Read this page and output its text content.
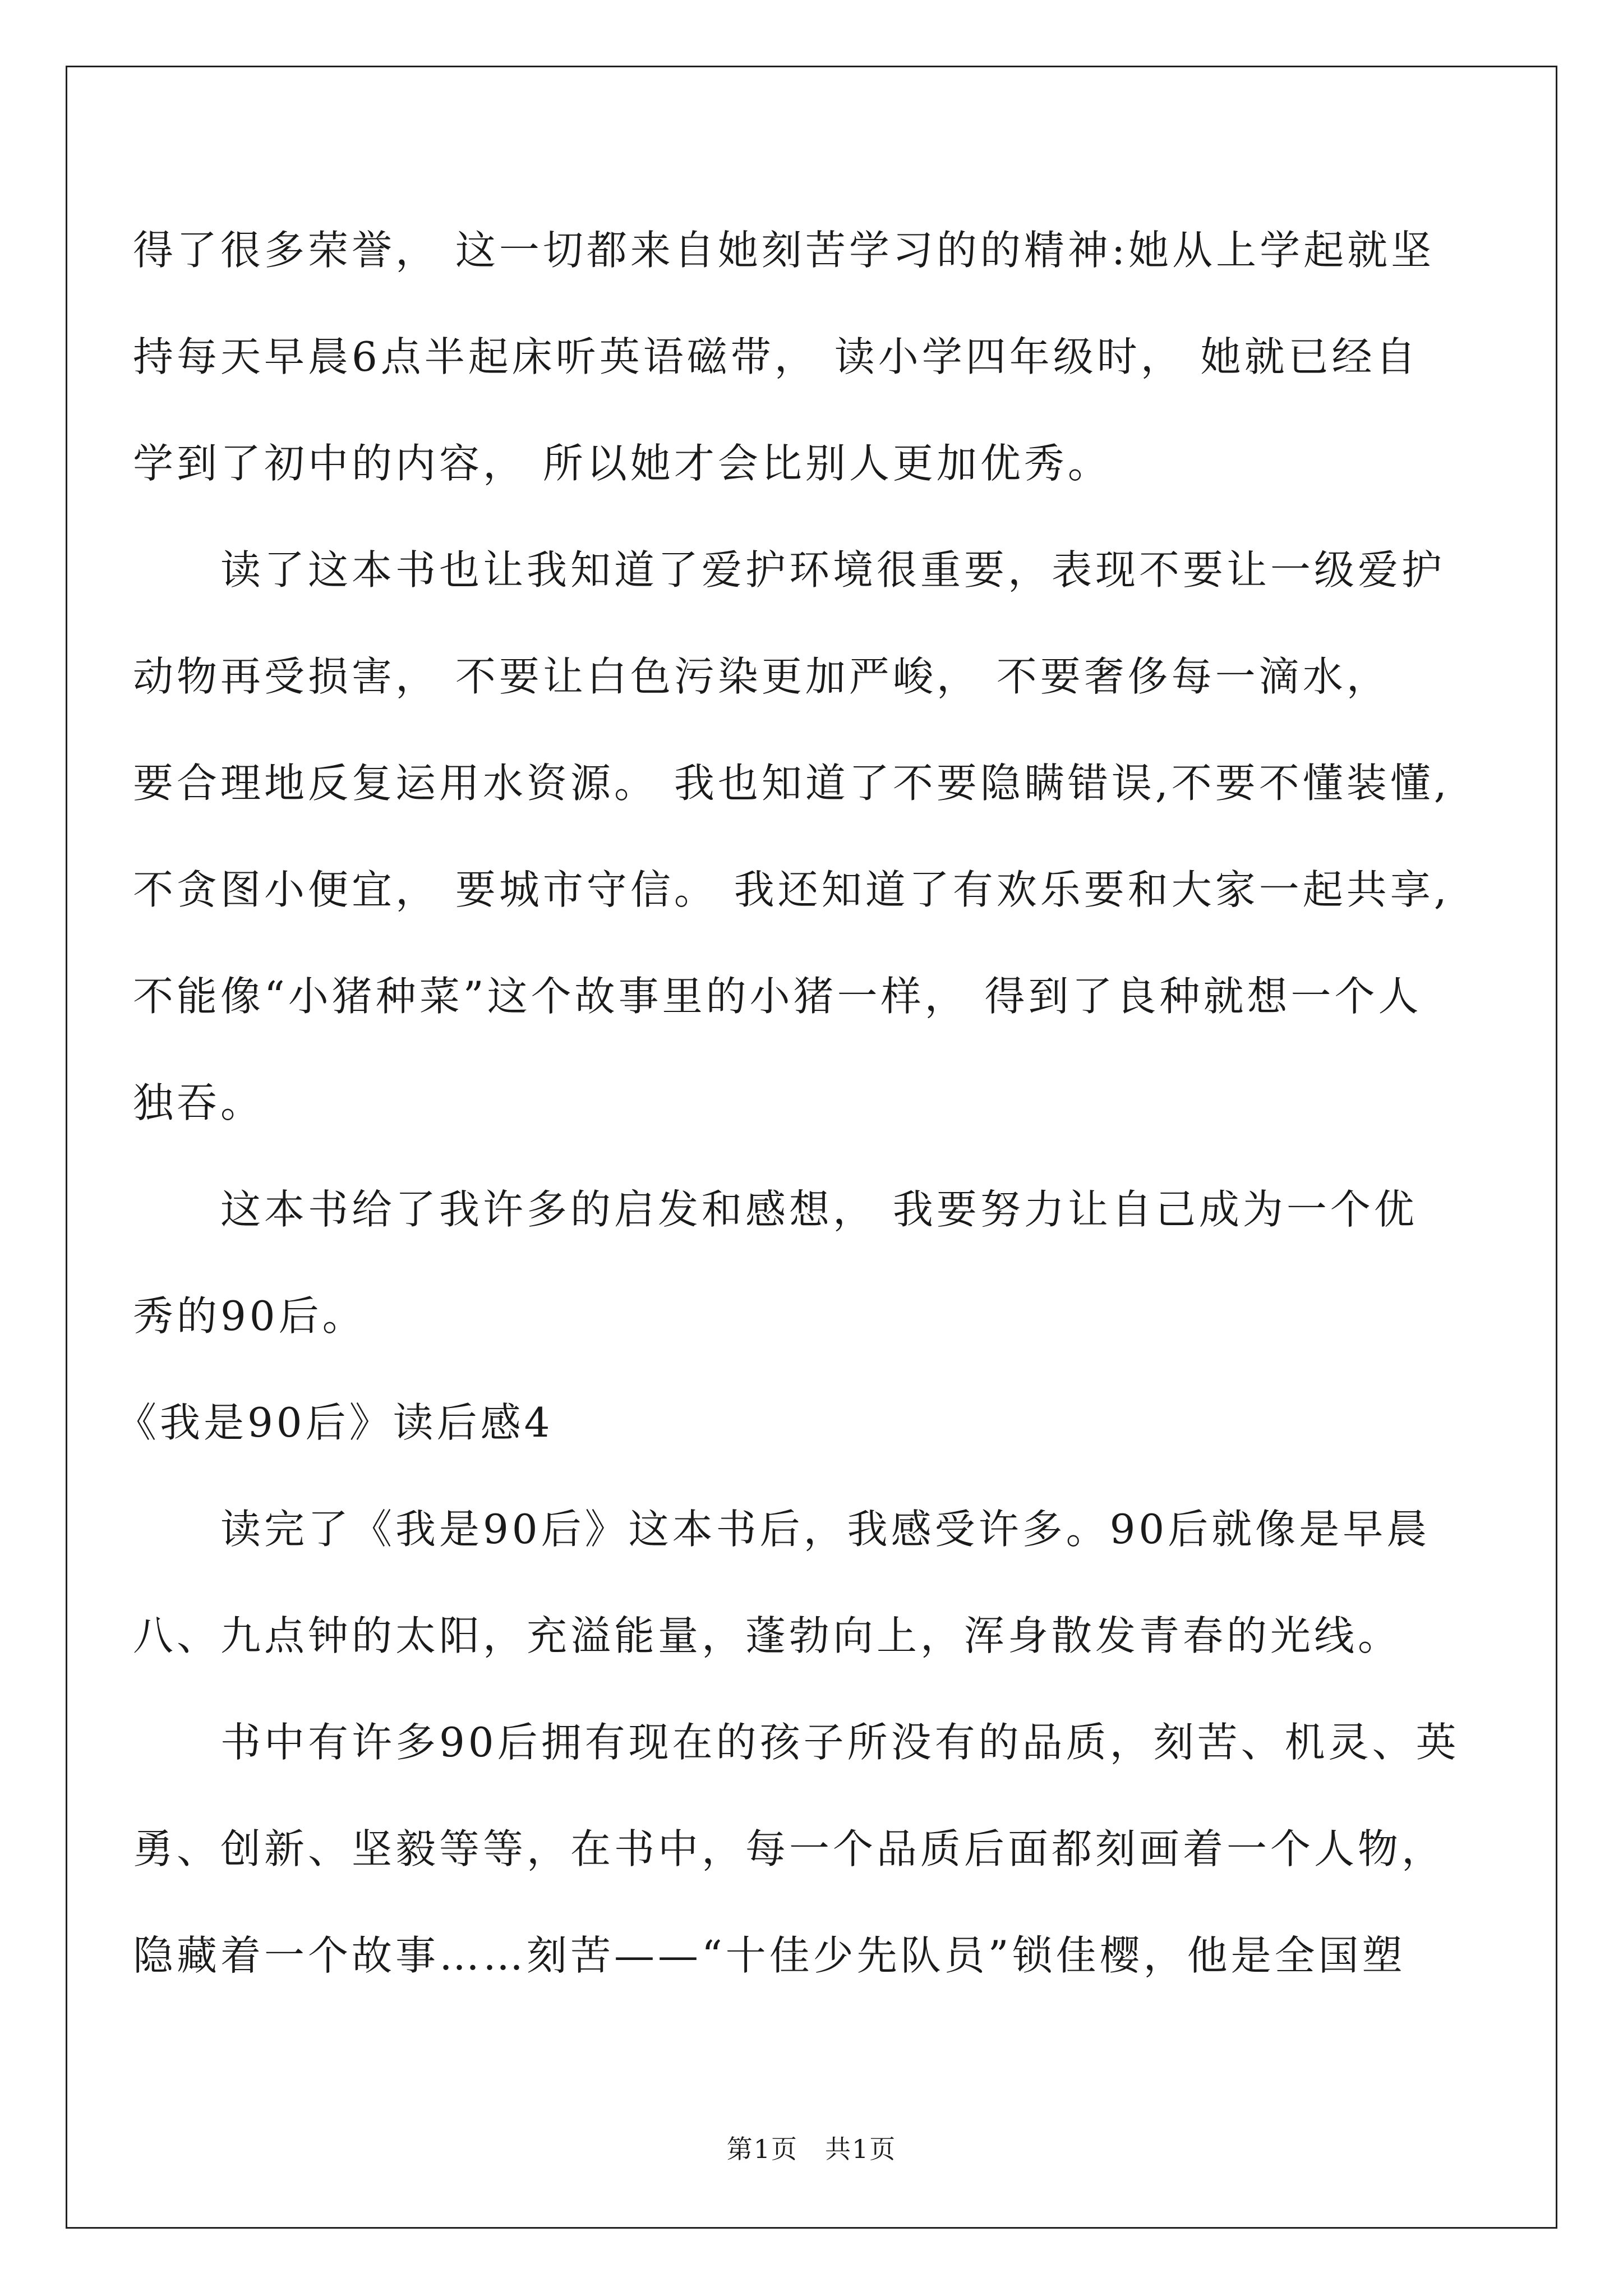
得了很多荣誉， 这一切都来自她刻苦学习的的精神:她从上学起就坚
持每天早晨6点半起床听英语磁带， 读小学四年级时， 她就已经自
学到了初中的内容， 所以她才会比别人更加优秀。
　　读了这本书也让我知道了爱护环境很重要，表现不要让一级爱护
动物再受损害， 不要让白色污染更加严峻， 不要奢侈每一滴水，
要合理地反复运用水资源。 我也知道了不要隐瞒错误,不要不懂装懂,
不贪图小便宜， 要城市守信。 我还知道了有欢乐要和大家一起共享,
不能像“小猪种菜”这个故事里的小猪一样， 得到了良种就想一个人
独吞。
　　这本书给了我许多的启发和感想， 我要努力让自己成为一个优
秀的90后。
《我是90后》读后感4
　　读完了《我是90后》这本书后，我感受许多。90后就像是早晨
八、九点钟的太阳，充溢能量，蓬勃向上，浑身散发青春的光线。
　　书中有许多90后拥有现在的孩子所没有的品质，刻苦、机灵、英
勇、创新、坚毅等等，在书中，每一个品质后面都刻画着一个人物，
隐藏着一个故事……刻苦——“十佳少先队员”锁佳樱，他是全国塑
第1页　共1页
